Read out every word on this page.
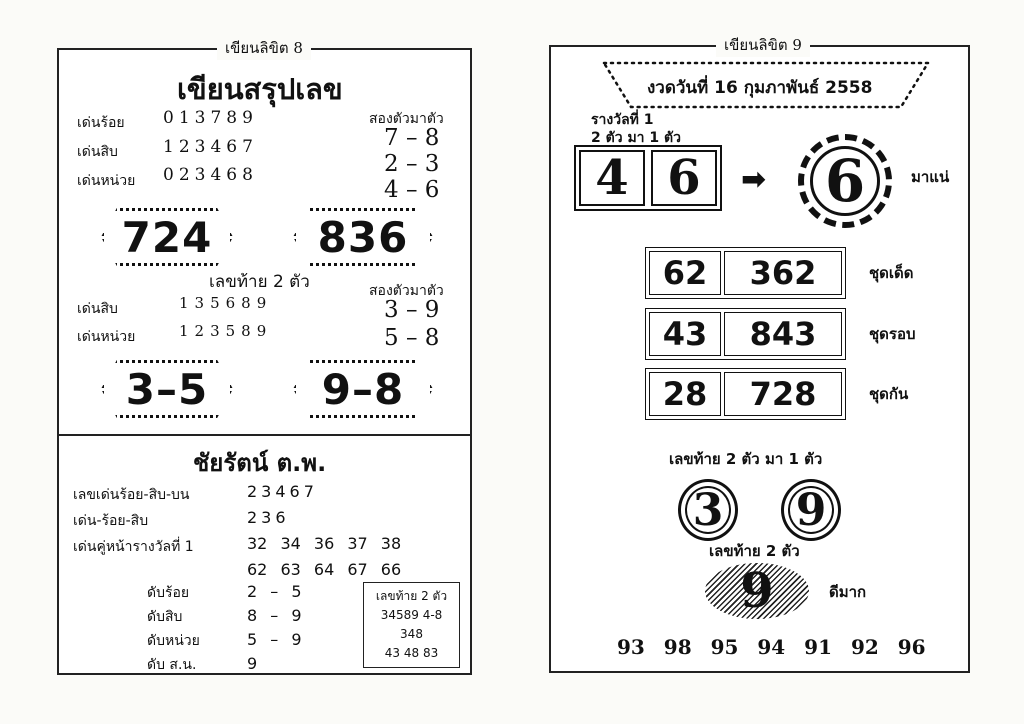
เขียนลิขิต 8
เขียนสรุปเลข
เด่นร้อย 013789
เด่นสิบ	123467
เด่นหน่วย 023468
สองตัวมาตัว
7 – 8
2 – 3
4 – 6
724	836
เลขท้าย 2 ตัว	สองตัวมาตัว
เด่นสิบ	135689
เด่นหน่วย	123589
3 – 9
5 – 8
3–5	9–8
ชัยรัตน์ ต.พ.
เลขเด่นร้อย-สิบ-บน	23467
เด่น-ร้อย-สิบ	236
เด่นคู่หน้ารางวัลที่ 1	32 34 36 37 38
62 63 64 67 66
ดับร้อย	2 – 5
ดับสิบ	8 – 9
ดับหน่วย	5 – 9
ดับ ส.น.	9
เลขท้าย 2 ตัว
34589 4-8
348
43 48 83
เขียนลิขิต 9
งวดวันที่ 16 กุมภาพันธ์ 2558
รางวัลที่ 1
2 ตัว มา 1 ตัว
4 6	➡ 6	มาแน่
62	362	ชุดเด็ด
43	843	ชุดรอบ
28	728	ชุดกัน
เลขท้าย 2 ตัว มา 1 ตัว
3 9
เลขท้าย 2 ตัว
9	ดีมาก
93 98 95 94 91 92 96
